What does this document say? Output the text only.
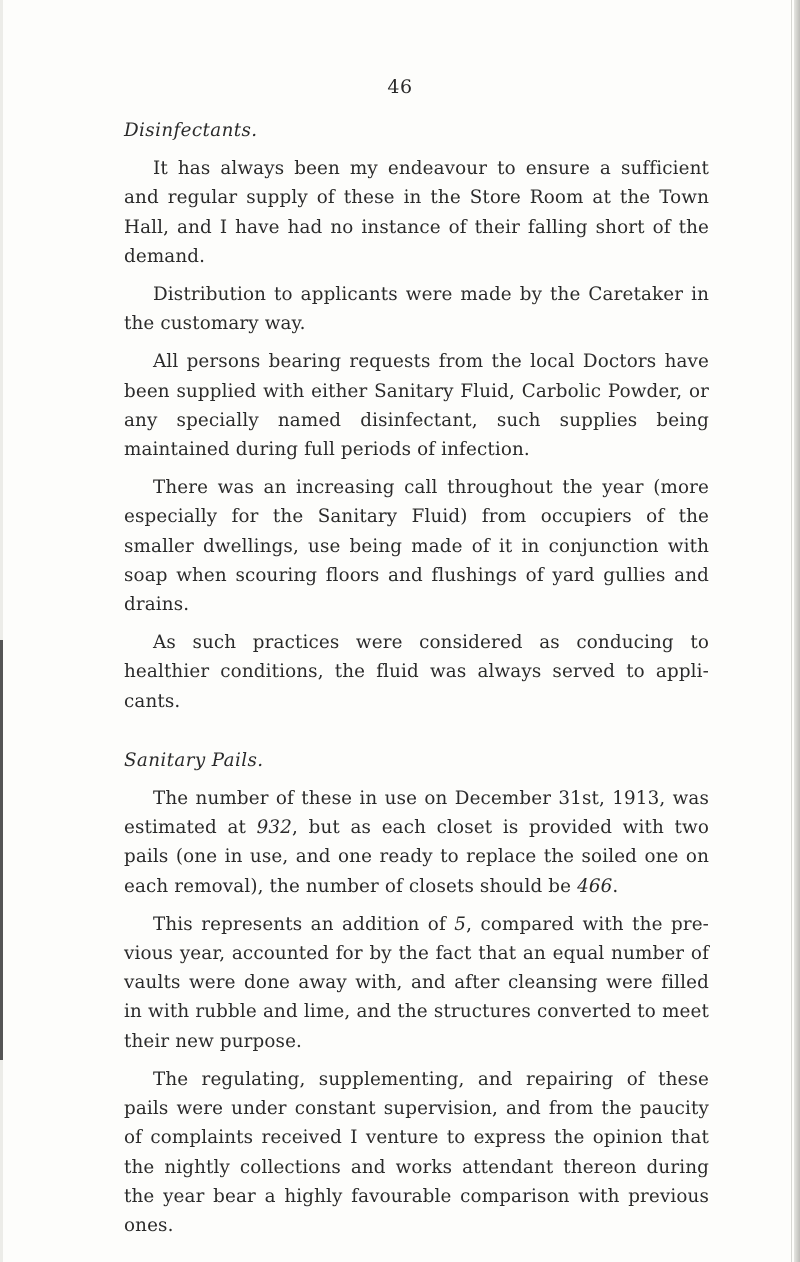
46

Disinfectants.

It has always been my endeavour to ensure a sufficient and regular supply of these in the Store Room at the Town Hall, and I have had no instance of their falling short of the demand.

Distribution to applicants were made by the Caretaker in the customary way.

All persons bearing requests from the local Doctors have been supplied with either Sanitary Fluid, Carbolic Powder, or any specially named disinfectant, such supplies being maintained during full periods of infection.

There was an increasing call throughout the year (more especially for the Sanitary Fluid) from occupiers of the smaller dwellings, use being made of it in conjunction with soap when scouring floors and flushings of yard gullies and drains.

As such practices were considered as conducing to healthier conditions, the fluid was always served to appli- cants.

Sanitary Pails.

The number of these in use on December 31st, 1913, was estimated at 932, but as each closet is provided with two pails (one in use, and one ready to replace the soiled one on each removal), the number of closets should be 466.

This represents an addition of 5, compared with the pre- vious year, accounted for by the fact that an equal number of vaults were done away with, and after cleansing were filled in with rubble and lime, and the structures converted to meet their new purpose.

The regulating, supplementing, and repairing of these pails were under constant supervision, and from the paucity of complaints received I venture to express the opinion that the nightly collections and works attendant thereon during the year bear a highly favourable comparison with previous ones.
